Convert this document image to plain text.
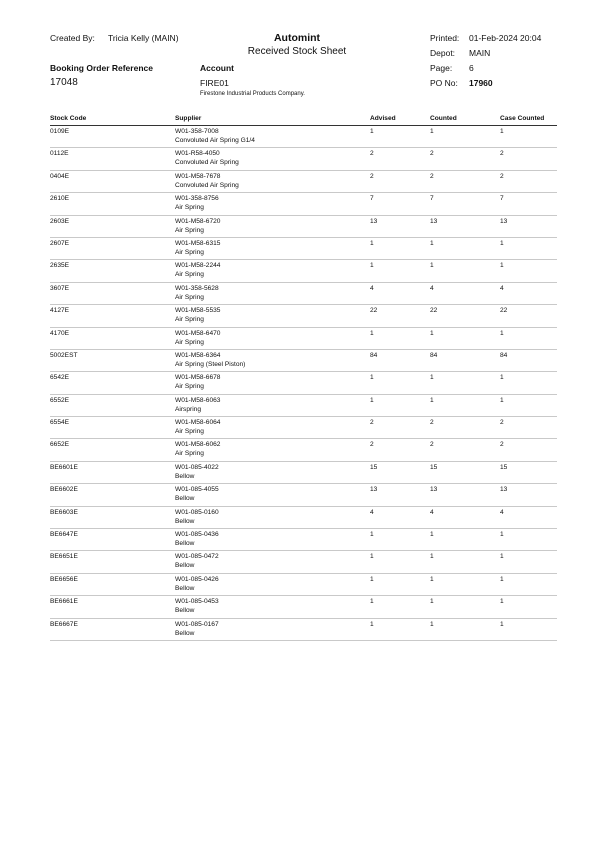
Created By: Tricia Kelly (MAIN)	Automint
Received Stock Sheet
Printed: 01-Feb-2024 20:04
Depot: MAIN
Page: 6
Booking Order Reference
17048
Account
FIRE01
Firestone Industrial Products Company.
PO No: 17960
Stock Code	Supplier	Advised	Counted	Case Counted
0109E	W01-358-7008
Convoluted Air Spring G1/4
1	1	1
0112E	W01-R58-4050
Convoluted Air Spring
2	2	2
0404E	W01-M58-7678
Convoluted Air Spring
2	2	2
2610E	W01-358-8756
Air Spring
7	7	7
2603E	W01-M58-6720
Air Spring
13	13	13
2607E	W01-M58-6315
Air Spring
1	1	1
2635E	W01-M58-2244
Air Spring
1	1	1
3607E	W01-358-5628
Air Spring
4	4	4
4127E	W01-M58-5535
Air Spring
22	22	22
4170E	W01-M58-6470
Air Spring
1	1	1
5002EST	W01-M58-6364
Air Spring (Steel Piston)
84	84	84
6542E	W01-M58-6678
Air Spring
1	1	1
6552E	W01-M58-6063
Airspring
1	1	1
6554E	W01-M58-6064
Air Spring
2	2	2
6652E	W01-M58-6062
Air Spring
2	2	2
BE6601E	W01-085-4022
Bellow
15	15	15
BE6602E	W01-085-4055
Bellow
13	13	13
BE6603E	W01-085-0160
Bellow
4	4	4
BE6647E	W01-085-0436
Bellow
1	1	1
BE6651E	W01-085-0472
Bellow
1	1	1
BE6656E	W01-085-0426
Bellow
1	1	1
BE6661E	W01-085-0453
Bellow
1	1	1
BE6667E	W01-085-0167
Bellow
1	1	1
